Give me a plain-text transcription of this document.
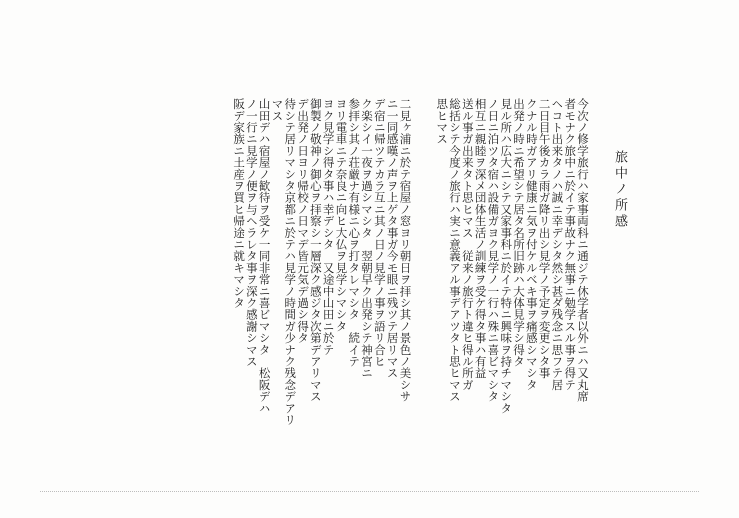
旅中ノ所感
今次ノ修学旅行ハ家事両科ニ通ジテ休学者以外ニハ又丸席
者モナク旅中ニ於イテ事故ナク無事ニ勉学スル事ヲ得テ
ヘコト出来タノハ誠ニ幸デシタ然シ甚ダ残念ニ思フテ居
二日目午後カラ雨ガ降リ出シ見学ノ予定ヲ変更シタ事
クナル時ガアリ健康ニ気ヲ付ケルベキ事ヲ痛感シマシタ
出発ノ時ニ希望シテ居タ名所旧跡ハ大体見学シ得タ
見ル所ハ広大ニシテ又家事科ニ於イテ特ニ興味ヲ持チマシタ
ノ日ニ泊ツタ宿ハ設備ガヨク見学ノ一行ハ殊ニ喜ビマシタ
相互ニ親睦ヲ深メ団体生活ノ訓練ヲ受ケ得タ事ハ有益
送ル事ガ出来タト思ヒマス　従来ノ旅行ト違ヒ得ル所ガ
総括シテ今度ノ旅行ハ実ニ意義アル事デアツタト思ヒマス
思ヒマス
二見ヶ浦ニ於テ宿屋ノ窓ヨリ朝日ヲ拝シ其ノ景色ノ美シサ
ニ一同感嘆ノ声ヲ上ゲタ事ガ今モ眼ニ残ツテ居リマス
デ宿ニ帰ツテカラ互ニ其ノ日ノ見学ノ事ヲ語リ合ヒ
ク楽シイ一夜ヲ過シマシタ　翌朝早ク出発シテ神宮ニ
参拝シ其ノ荘厳ナ有様ニ心ヲ打タレマシタ　続イテ
ヨリ電車ニテ奈良ニ向ヒ大仏ヲ見学シマシタ
ヨク見学シ得タ事ハ幸デシタ　又途中山田ニ於テ
御製ノ敬神ノ御心ヲ拝察シ一層深ク感ジタ次第デアリマス
デ出発ノ日ヨリ帰校ノ日マデ皆元気デ過シ得タ
待シテ居リマシタ京都ニ於テハ見学ノ時間ガ少ナク残念デアリ
マス
山田デハ宿屋ノ歓待ヲ受ケ一同非常ニ喜ビマシタ　松阪デハ
ノ一行ニ見学ノ便ヲ与ヘラレタ事ヲ深ク感謝シマス
阪デ家族ニ土産ヲ買ヒ帰途ニ就キマシタ
